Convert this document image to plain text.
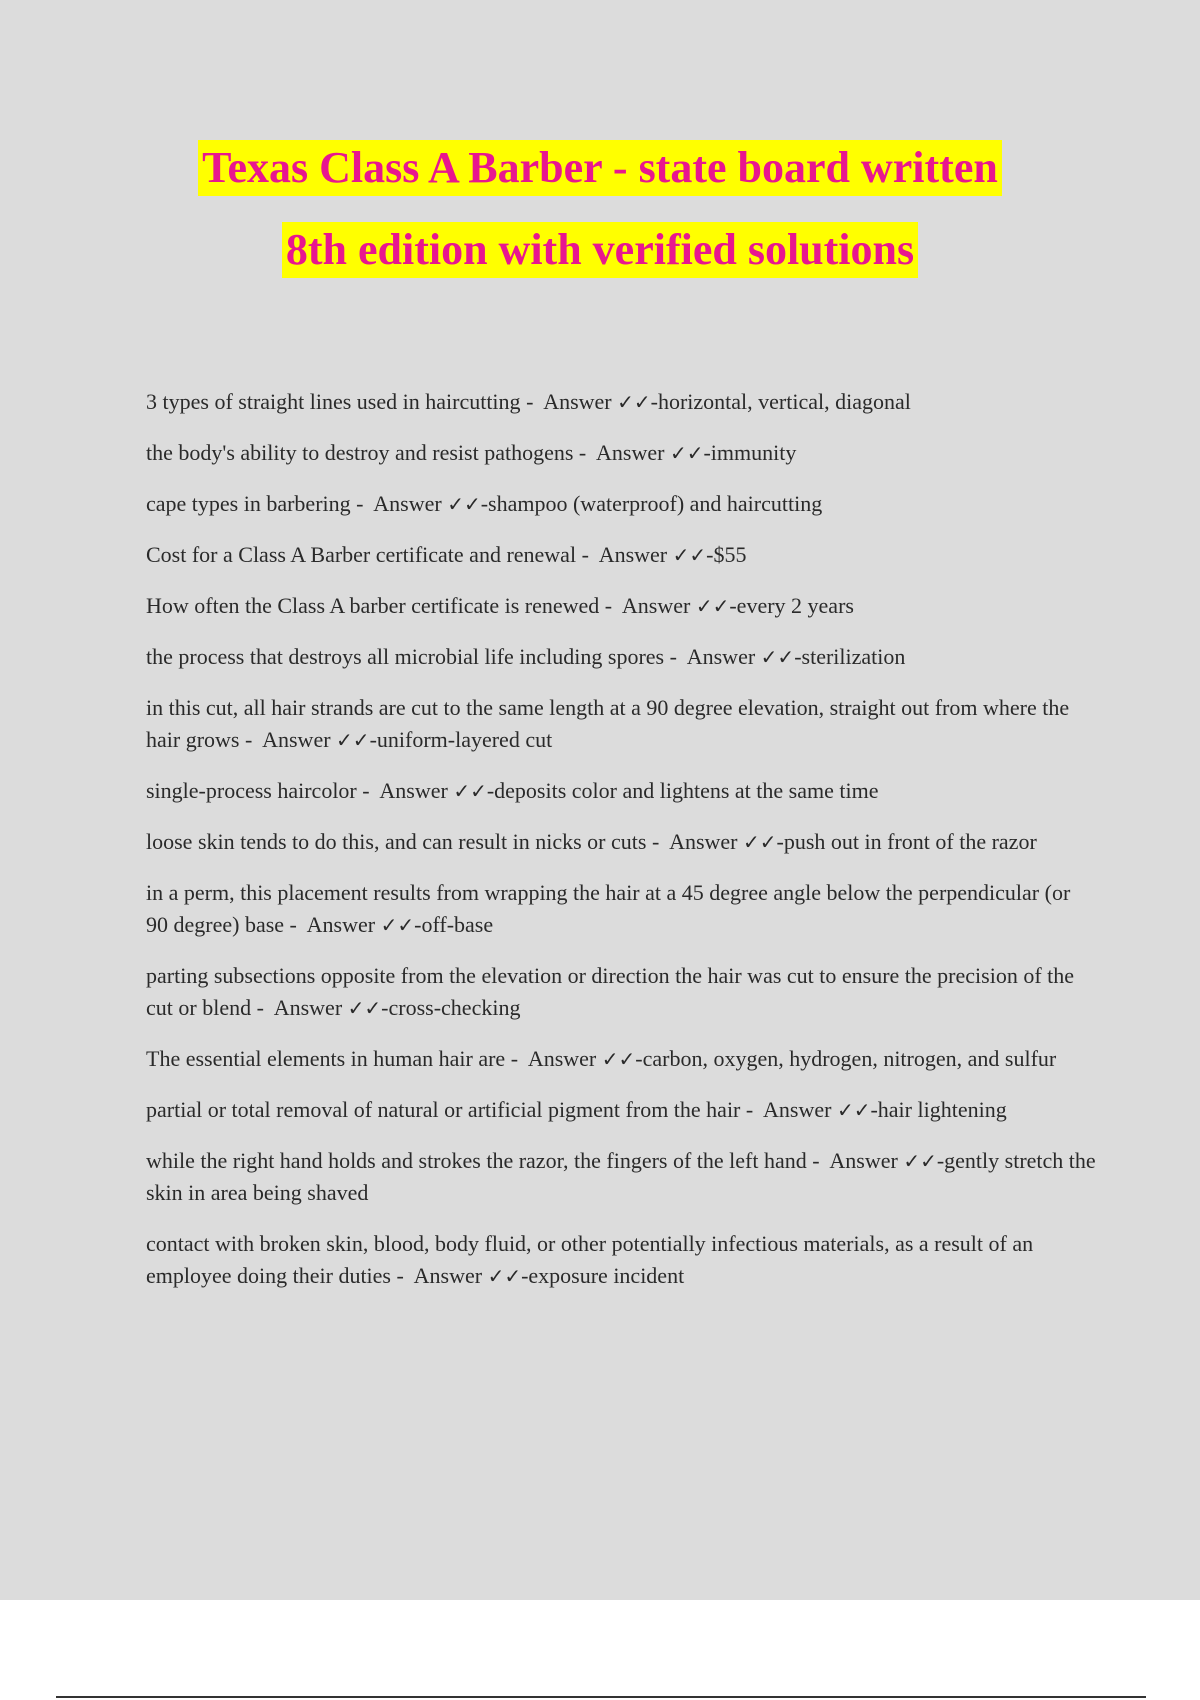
Texas Class A Barber - state board written
8th edition with verified solutions
3 types of straight lines used in haircutting -  Answer ✓✓-horizontal, vertical, diagonal
the body's ability to destroy and resist pathogens -  Answer ✓✓-immunity
cape types in barbering -  Answer ✓✓-shampoo (waterproof) and haircutting
Cost for a Class A Barber certificate and renewal -  Answer ✓✓-$55
How often the Class A barber certificate is renewed -  Answer ✓✓-every 2 years
the process that destroys all microbial life including spores -  Answer ✓✓-sterilization
in this cut, all hair strands are cut to the same length at a 90 degree elevation, straight out from where the hair grows -  Answer ✓✓-uniform-layered cut
single-process haircolor -  Answer ✓✓-deposits color and lightens at the same time
loose skin tends to do this, and can result in nicks or cuts -  Answer ✓✓-push out in front of the razor
in a perm, this placement results from wrapping the hair at a 45 degree angle below the perpendicular (or 90 degree) base -  Answer ✓✓-off-base
parting subsections opposite from the elevation or direction the hair was cut to ensure the precision of the cut or blend -  Answer ✓✓-cross-checking
The essential elements in human hair are -  Answer ✓✓-carbon, oxygen, hydrogen, nitrogen, and sulfur
partial or total removal of natural or artificial pigment from the hair -  Answer ✓✓-hair lightening
while the right hand holds and strokes the razor, the fingers of the left hand -  Answer ✓✓-gently stretch the skin in area being shaved
contact with broken skin, blood, body fluid, or other potentially infectious materials, as a result of an employee doing their duties -  Answer ✓✓-exposure incident
